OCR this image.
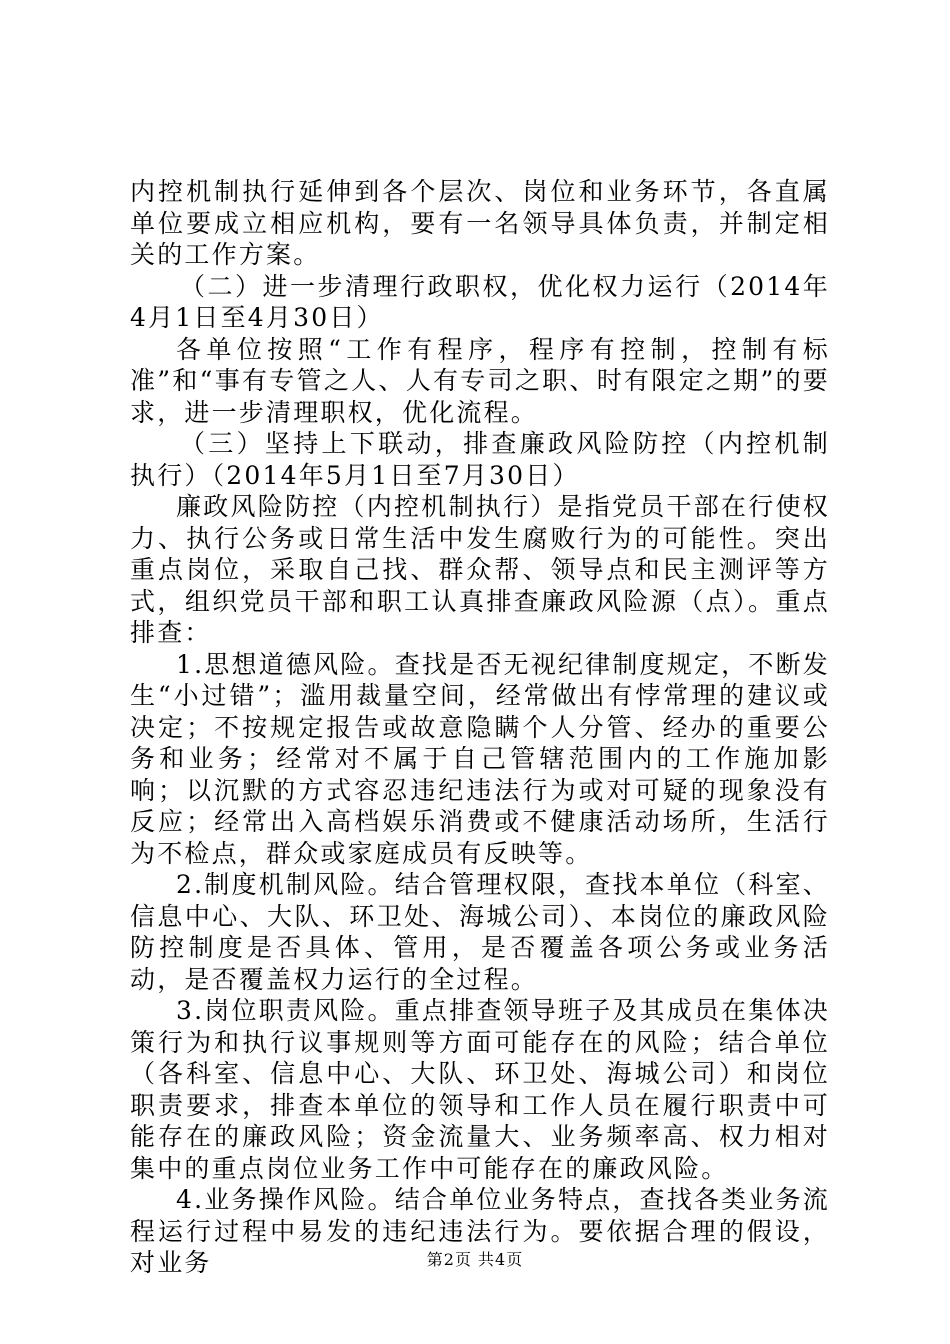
内控机制执行延伸到各个层次、岗位和业务环节，各直属单位要成立相应机构，要有一名领导具体负责，并制定相关的工作方案。

（二）进一步清理行政职权，优化权力运行（2014年4月1日至4月30日）

各单位按照“工作有程序，程序有控制，控制有标准”和“事有专管之人、人有专司之职、时有限定之期”的要求，进一步清理职权，优化流程。

（三）坚持上下联动，排查廉政风险防控（内控机制执行）（2014年5月1日至7月30日）

廉政风险防控（内控机制执行）是指党员干部在行使权力、执行公务或日常生活中发生腐败行为的可能性。突出重点岗位，采取自己找、群众帮、领导点和民主测评等方式，组织党员干部和职工认真排查廉政风险源（点）。重点排查：

1.思想道德风险。查找是否无视纪律制度规定，不断发生“小过错”；滥用裁量空间，经常做出有悖常理的建议或决定；不按规定报告或故意隐瞒个人分管、经办的重要公务和业务；经常对不属于自己管辖范围内的工作施加影响；以沉默的方式容忍违纪违法行为或对可疑的现象没有反应；经常出入高档娱乐消费或不健康活动场所，生活行为不检点，群众或家庭成员有反映等。

2.制度机制风险。结合管理权限，查找本单位（科室、信息中心、大队、环卫处、海城公司）、本岗位的廉政风险防控制度是否具体、管用，是否覆盖各项公务或业务活动，是否覆盖权力运行的全过程。

3.岗位职责风险。重点排查领导班子及其成员在集体决策行为和执行议事规则等方面可能存在的风险；结合单位（各科室、信息中心、大队、环卫处、海城公司）和岗位职责要求，排查本单位的领导和工作人员在履行职责中可能存在的廉政风险；资金流量大、业务频率高、权力相对集中的重点岗位业务工作中可能存在的廉政风险。

4.业务操作风险。结合单位业务特点，查找各类业务流程运行过程中易发的违纪违法行为。要依据合理的假设，对业务	第2页 共4页
